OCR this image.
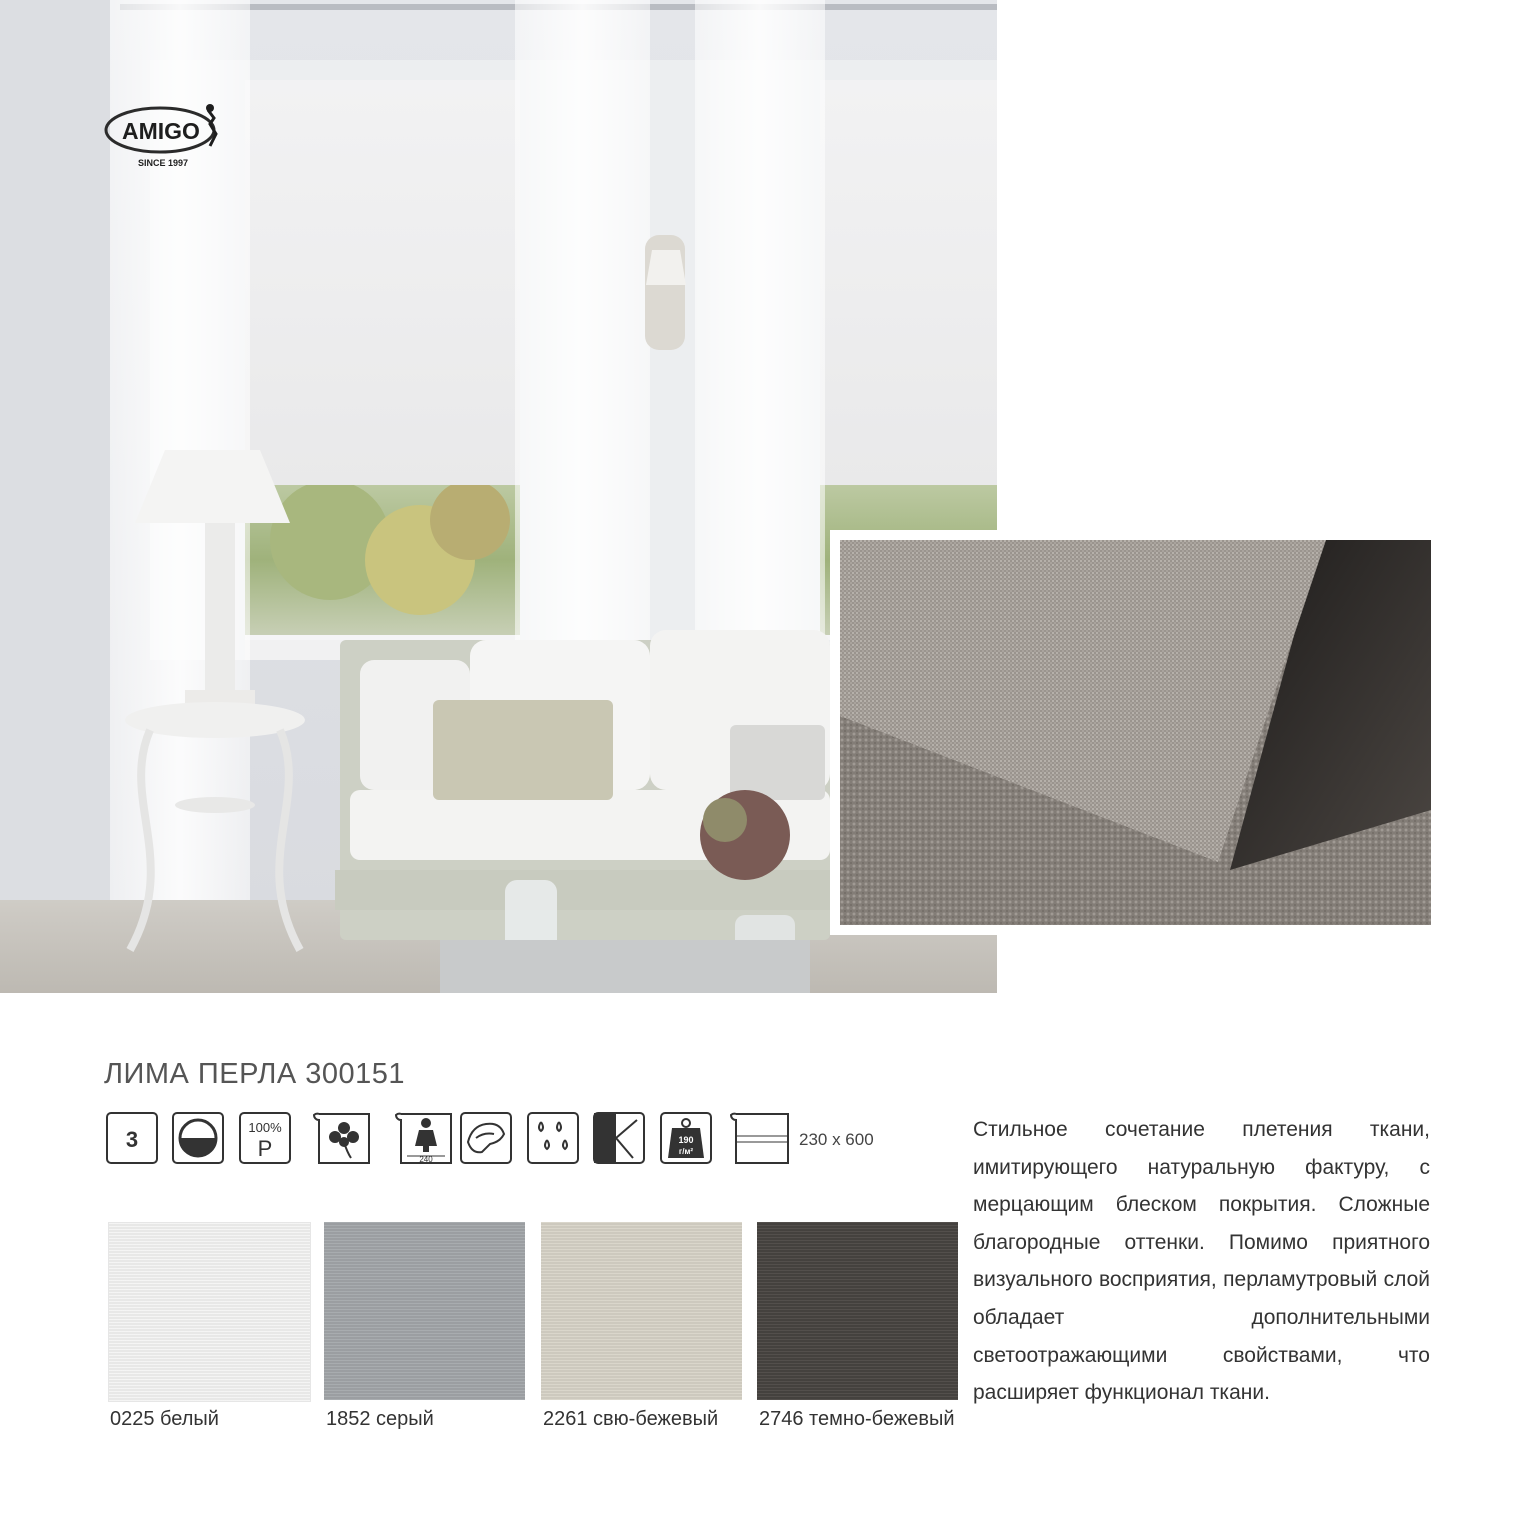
AMIGO
SINCE 1997
ЛИМА ПЕРЛА 300151
3	100%
P	240
190
г/м²
230 x 600	Стильное сочетание плетения ткани, имитирующего натуральную фактуру, с мерцающим блеском покрытия. Сложные благородные оттенки. Помимо приятного визуального восприятия, перламутровый слой обладает дополнительными светоотражающими свойствами, что расширяет функционал ткани.
0225 белый	1852 серый	2261 свю-бежевый 2746 темно-бежевый
